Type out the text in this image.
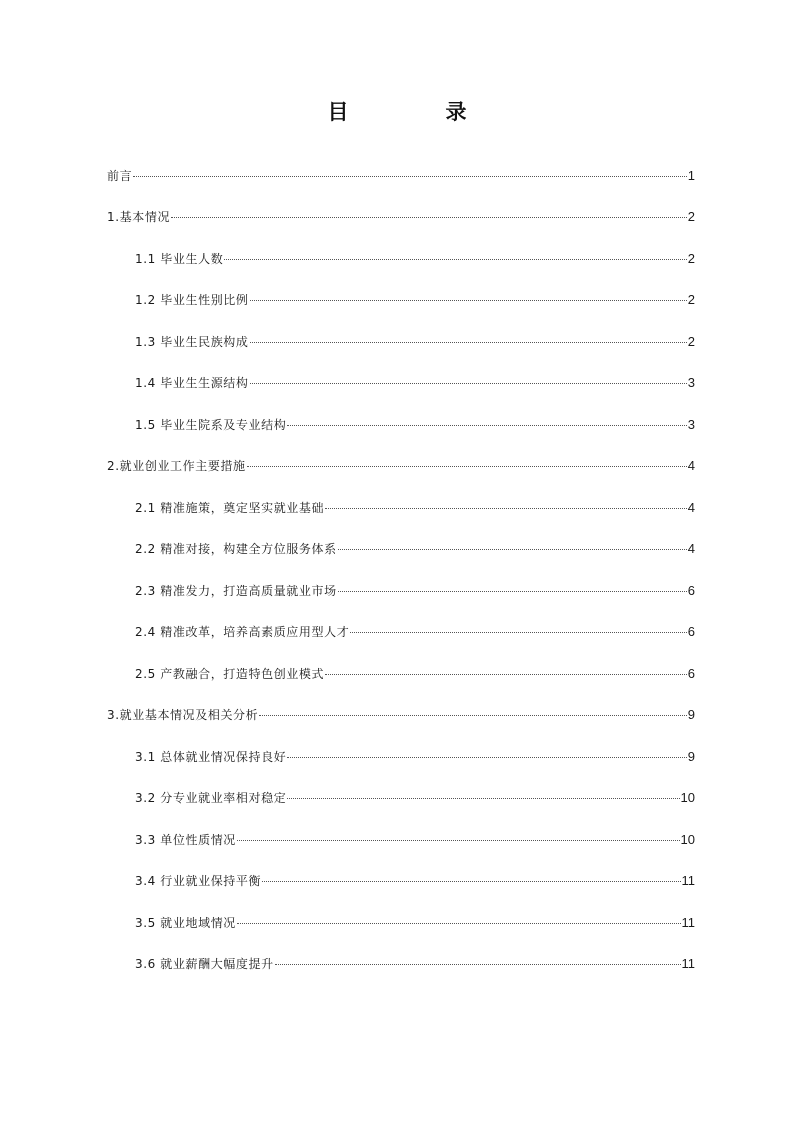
目　录
前言	1
1.基本情况	2
1.1 毕业生人数	2
1.2 毕业生性别比例	2
1.3 毕业生民族构成	2
1.4 毕业生生源结构	3
1.5 毕业生院系及专业结构	3
2.就业创业工作主要措施	4
2.1 精准施策，奠定坚实就业基础	4
2.2 精准对接，构建全方位服务体系	4
2.3 精准发力，打造高质量就业市场	6
2.4 精准改革，培养高素质应用型人才	6
2.5 产教融合，打造特色创业模式	6
3.就业基本情况及相关分析	9
3.1 总体就业情况保持良好	9
3.2 分专业就业率相对稳定	10
3.3 单位性质情况	10
3.4 行业就业保持平衡	11
3.5 就业地域情况	11
3.6 就业薪酬大幅度提升	11
